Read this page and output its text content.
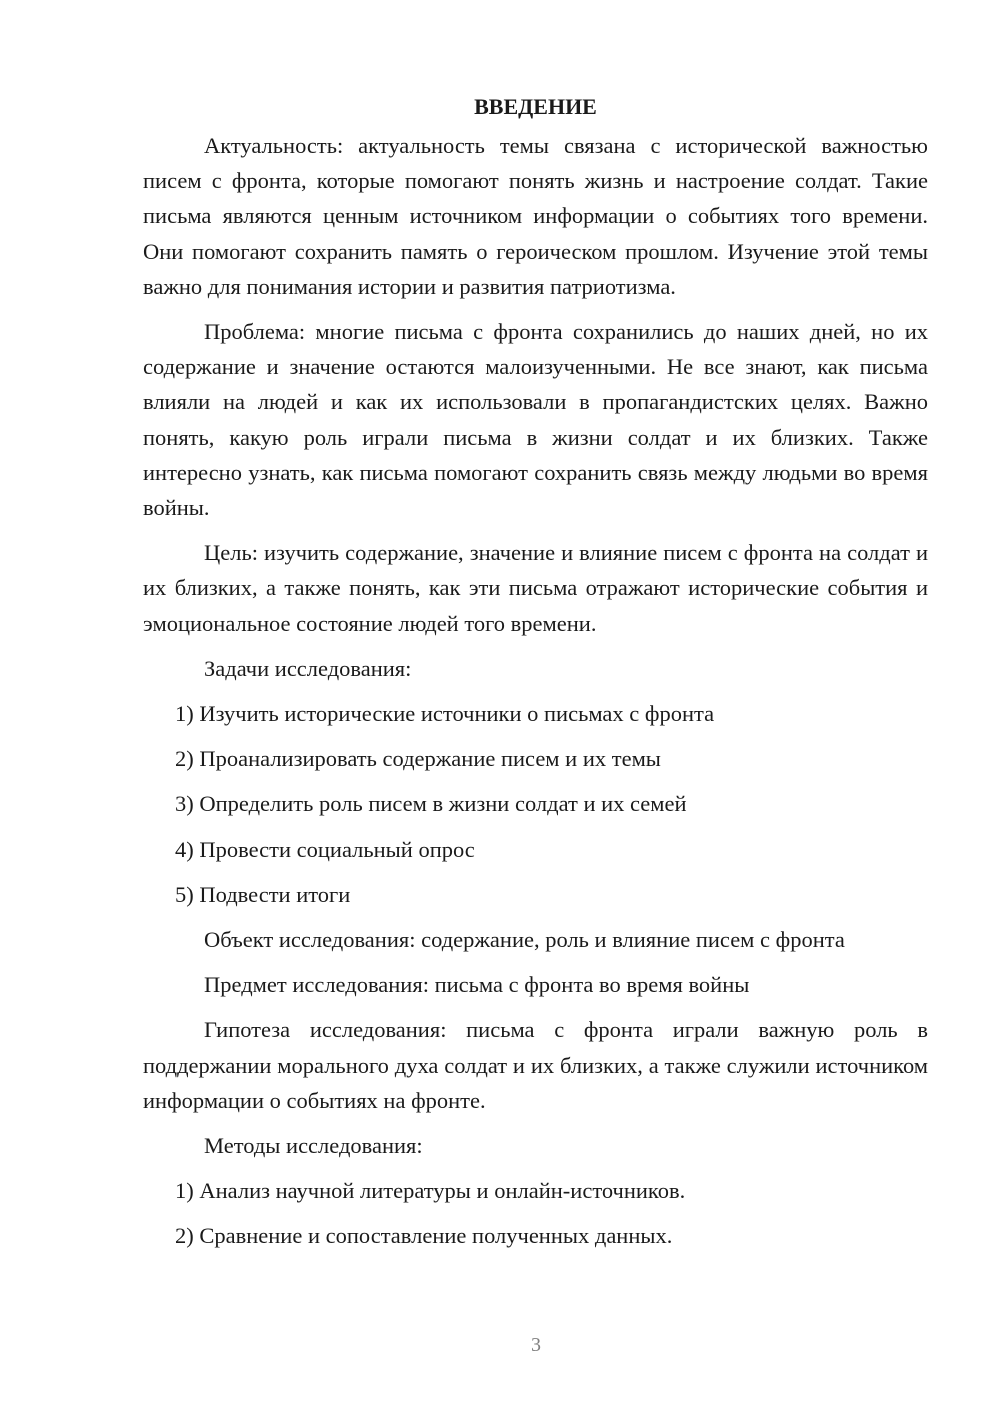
ВВЕДЕНИЕ

Актуальность: актуальность темы связана с исторической важностью писем с фронта, которые помогают понять жизнь и настроение солдат. Такие письма являются ценным источником информации о событиях того времени. Они помогают сохранить память о героическом прошлом. Изучение этой темы важно для понимания истории и развития патриотизма.

Проблема: многие письма с фронта сохранились до наших дней, но их содержание и значение остаются малоизученными. Не все знают, как письма влияли на людей и как их использовали в пропагандистских целях. Важно понять, какую роль играли письма в жизни солдат и их близких. Также интересно узнать, как письма помогают сохранить связь между людьми во время войны.

Цель: изучить содержание, значение и влияние писем с фронта на солдат и их близких, а также понять, как эти письма отражают исторические события и эмоциональное состояние людей того времени.

Задачи исследования:

1) Изучить исторические источники о письмах с фронта

2) Проанализировать содержание писем и их темы

3) Определить роль писем в жизни солдат и их семей

4) Провести социальный опрос

5) Подвести итоги

Объект исследования: содержание, роль и влияние писем с фронта

Предмет исследования: письма с фронта во время войны

Гипотеза исследования: письма с фронта играли важную роль в поддержании морального духа солдат и их близких, а также служили источником информации о событиях на фронте.

Методы исследования:

1) Анализ научной литературы и онлайн-источников.

2) Сравнение и сопоставление полученных данных.

3
